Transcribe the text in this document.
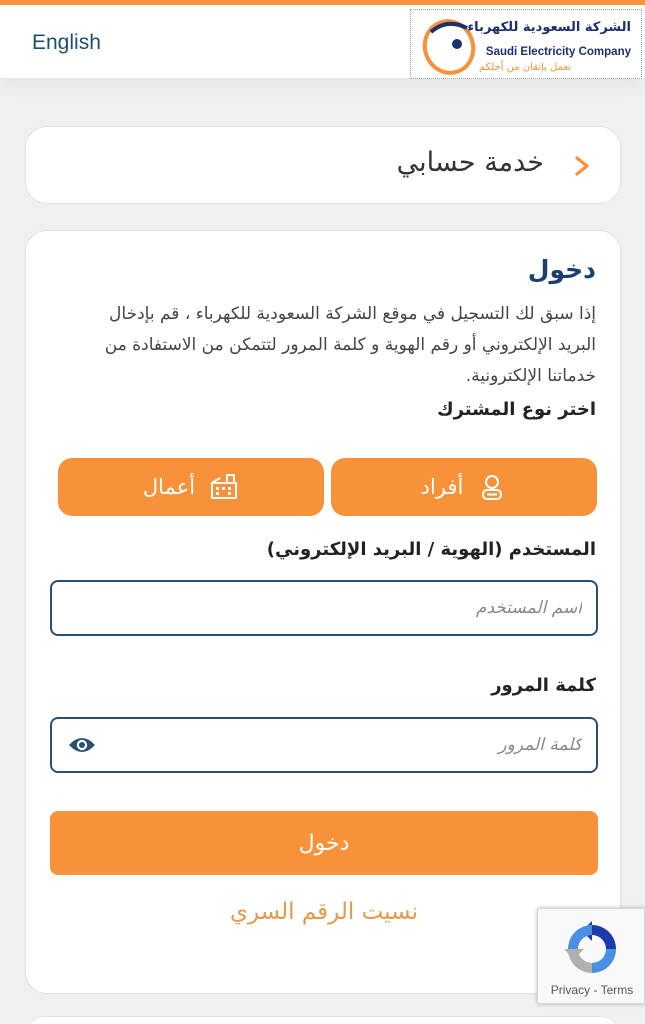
English
الشركة السعودية للكهرباء
Saudi Electricity Company
نعمل بإتقان من أجلكم
خدمة حسابي
دخول
إذا سبق لك التسجيل في موقع الشركة السعودية للكهرباء ، قم بإدخال البريد الإلكتروني أو رقم الهوية و كلمة المرور لتتمكن من الاستفادة من خدماتنا الإلكترونية.
اختر نوع المشترك
أفراد
أعمال
المستخدم (الهوية / البريد الإلكتروني)
اسم المستخدم
كلمة المرور
دخول
نسيت الرقم السري
Privacy - Terms
